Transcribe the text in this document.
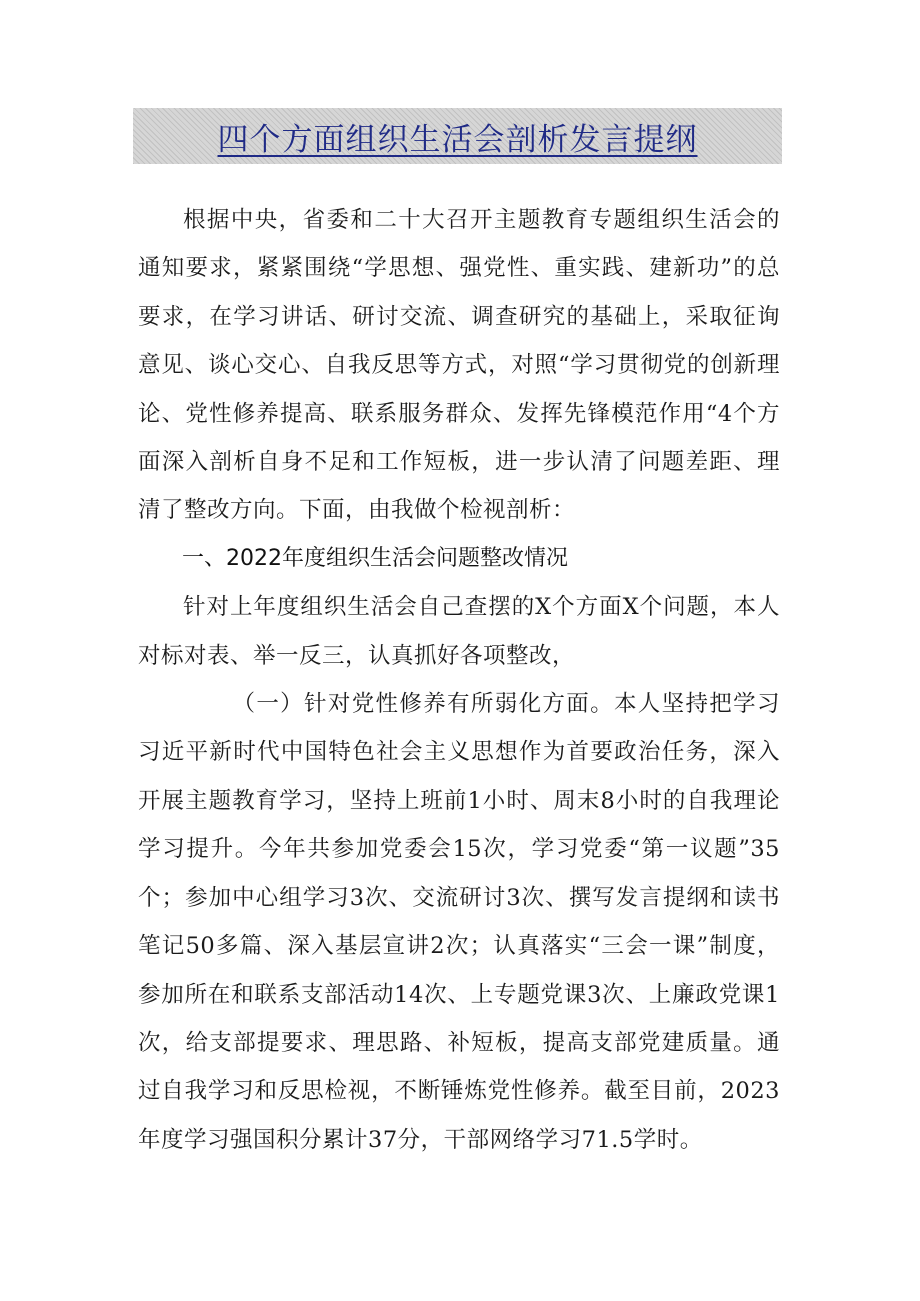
四个方面组织生活会剖析发言提纲

根据中央，省委和二十大召开主题教育专题组织生活会的通知要求，紧紧围绕“学思想、强党性、重实践、建新功”的总要求，在学习讲话、研讨交流、调查研究的基础上，采取征询意见、谈心交心、自我反思等方式，对照“学习贯彻党的创新理论、党性修养提高、联系服务群众、发挥先锋模范作用“4个方面深入剖析自身不足和工作短板，进一步认清了问题差距、理清了整改方向。下面，由我做个检视剖析：

一、2022年度组织生活会问题整改情况

针对上年度组织生活会自己查摆的X个方面X个问题，本人对标对表、举一反三，认真抓好各项整改，

（一）针对党性修养有所弱化方面。本人坚持把学习习近平新时代中国特色社会主义思想作为首要政治任务，深入开展主题教育学习，坚持上班前1小时、周末8小时的自我理论学习提升。今年共参加党委会15次，学习党委“第一议题”35个；参加中心组学习3次、交流研讨3次、撰写发言提纲和读书笔记50多篇、深入基层宣讲2次；认真落实“三会一课”制度，参加所在和联系支部活动14次、上专题党课3次、上廉政党课1次，给支部提要求、理思路、补短板，提高支部党建质量。通过自我学习和反思检视，不断锤炼党性修养。截至目前，2023年度学习强国积分累计37分，干部网络学习71.5学时。
